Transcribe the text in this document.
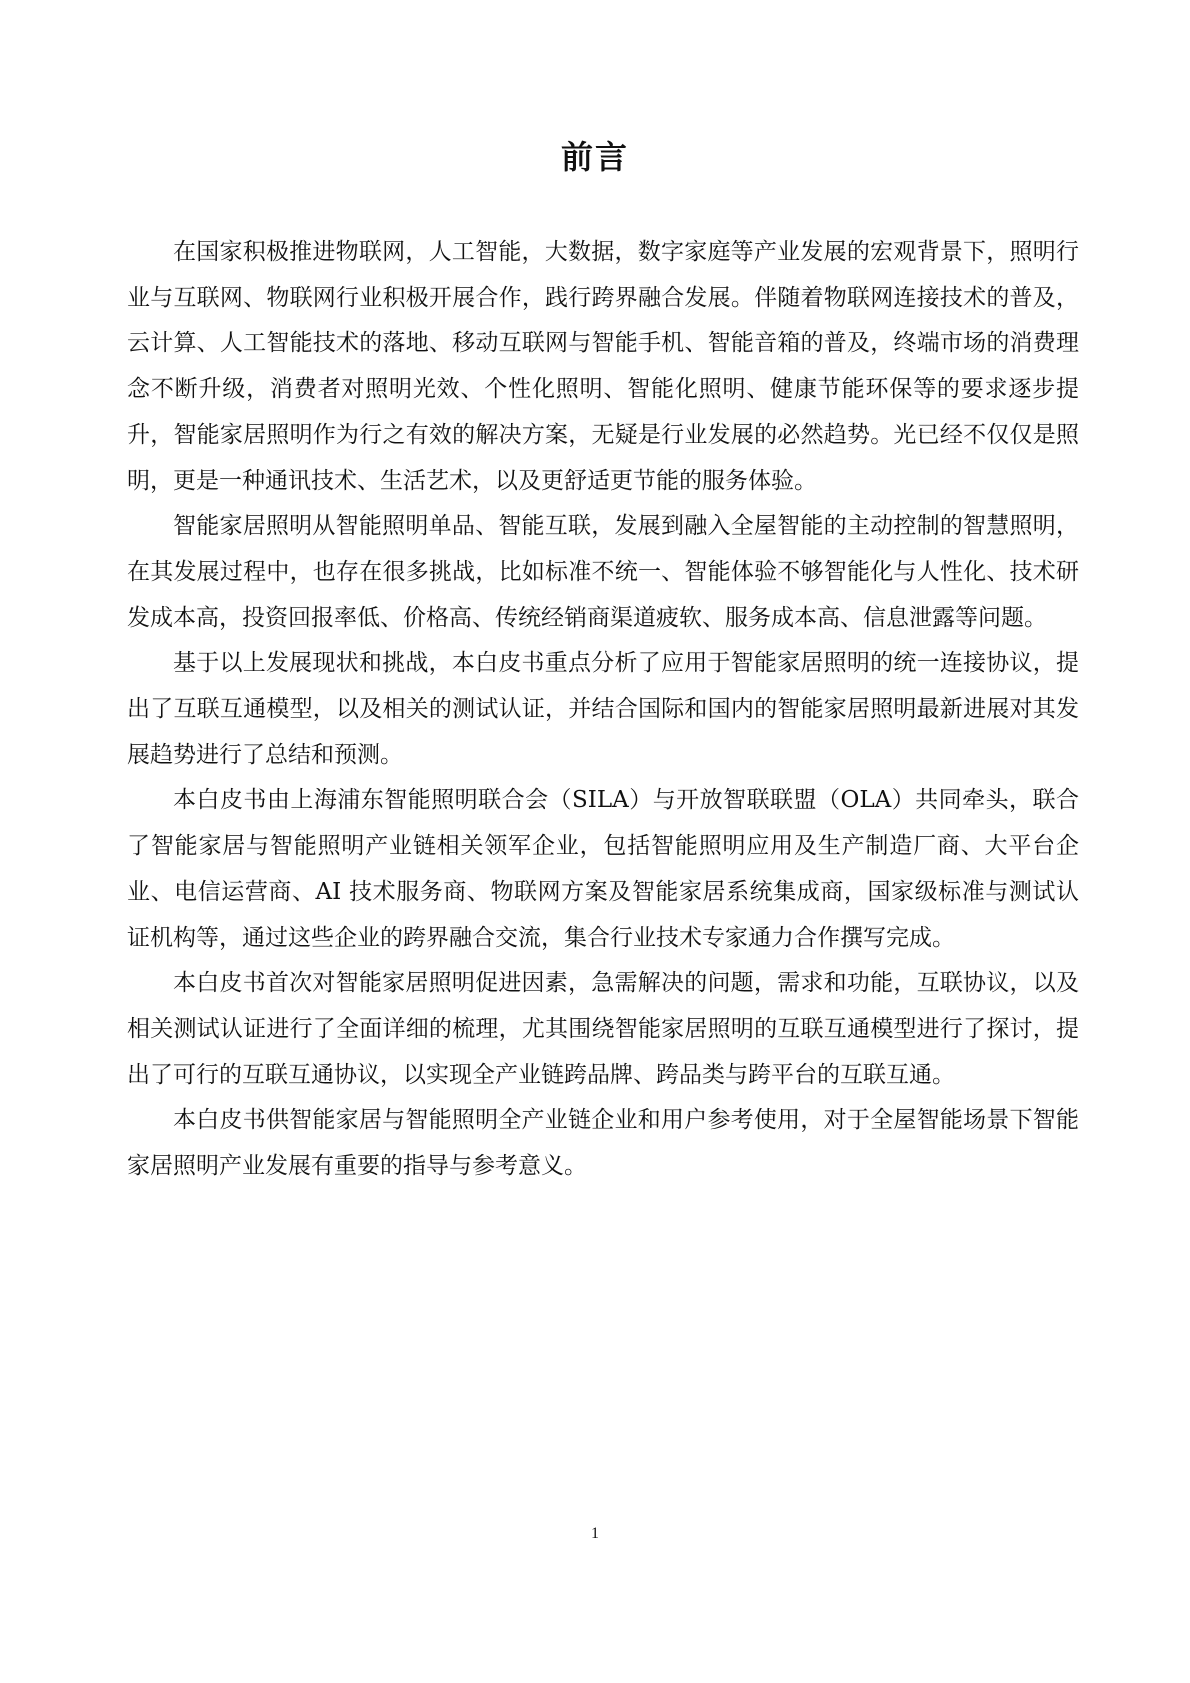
前言

在国家积极推进物联网，人工智能，大数据，数字家庭等产业发展的宏观背景下，照明行业与互联网、物联网行业积极开展合作，践行跨界融合发展。伴随着物联网连接技术的普及，云计算、人工智能技术的落地、移动互联网与智能手机、智能音箱的普及，终端市场的消费理念不断升级，消费者对照明光效、个性化照明、智能化照明、健康节能环保等的要求逐步提升，智能家居照明作为行之有效的解决方案，无疑是行业发展的必然趋势。光已经不仅仅是照明，更是一种通讯技术、生活艺术，以及更舒适更节能的服务体验。

智能家居照明从智能照明单品、智能互联，发展到融入全屋智能的主动控制的智慧照明，在其发展过程中，也存在很多挑战，比如标准不统一、智能体验不够智能化与人性化、技术研发成本高，投资回报率低、价格高、传统经销商渠道疲软、服务成本高、信息泄露等问题。

基于以上发展现状和挑战，本白皮书重点分析了应用于智能家居照明的统一连接协议，提出了互联互通模型，以及相关的测试认证，并结合国际和国内的智能家居照明最新进展对其发展趋势进行了总结和预测。

本白皮书由上海浦东智能照明联合会（SILA）与开放智联联盟（OLA）共同牵头，联合了智能家居与智能照明产业链相关领军企业，包括智能照明应用及生产制造厂商、大平台企业、电信运营商、AI 技术服务商、物联网方案及智能家居系统集成商，国家级标准与测试认证机构等，通过这些企业的跨界融合交流，集合行业技术专家通力合作撰写完成。

本白皮书首次对智能家居照明促进因素，急需解决的问题，需求和功能，互联协议，以及相关测试认证进行了全面详细的梳理，尤其围绕智能家居照明的互联互通模型进行了探讨，提出了可行的互联互通协议，以实现全产业链跨品牌、跨品类与跨平台的互联互通。

本白皮书供智能家居与智能照明全产业链企业和用户参考使用，对于全屋智能场景下智能家居照明产业发展有重要的指导与参考意义。

1
